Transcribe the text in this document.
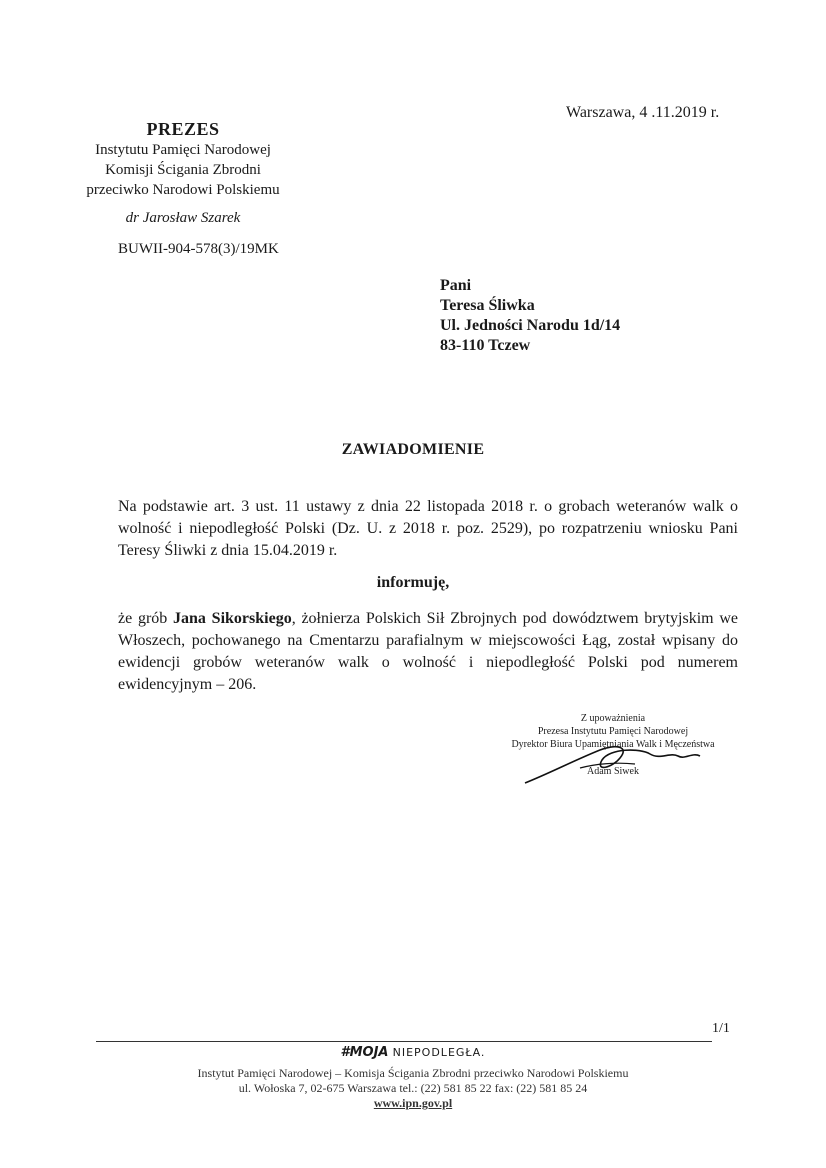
Warszawa, 4 .11.2019 r.
PREZES
Instytutu Pamięci Narodowej
Komisji Ścigania Zbrodni
przeciwko Narodowi Polskiemu
dr Jarosław Szarek
BUWII-904-578(3)/19MK
Pani
Teresa Śliwka
Ul. Jedności Narodu 1d/14
83-110 Tczew
ZAWIADOMIENIE
Na podstawie art. 3 ust. 11 ustawy z dnia 22 listopada 2018 r. o grobach weteranów walk o wolność i niepodległość Polski (Dz. U. z 2018 r. poz. 2529), po rozpatrzeniu wniosku Pani Teresy Śliwki z dnia 15.04.2019 r.
informuję,
że grób Jana Sikorskiego, żołnierza Polskich Sił Zbrojnych pod dowództwem brytyjskim we Włoszech, pochowanego na Cmentarzu parafialnym w miejscowości Łąg, został wpisany do ewidencji grobów weteranów walk o wolność i niepodległość Polski pod numerem ewidencyjnym – 206.
Z upoważnienia
Prezesa Instytutu Pamięci Narodowej
Dyrektor Biura Upamiętniania Walk i Męczeństwa
Adam Siwek
1/1
#MOJA NIEPODLEGŁA.
Instytut Pamięci Narodowej – Komisja Ścigania Zbrodni przeciwko Narodowi Polskiemu
ul. Wołoska 7, 02-675 Warszawa tel.: (22) 581 85 22 fax: (22) 581 85 24
www.ipn.gov.pl
